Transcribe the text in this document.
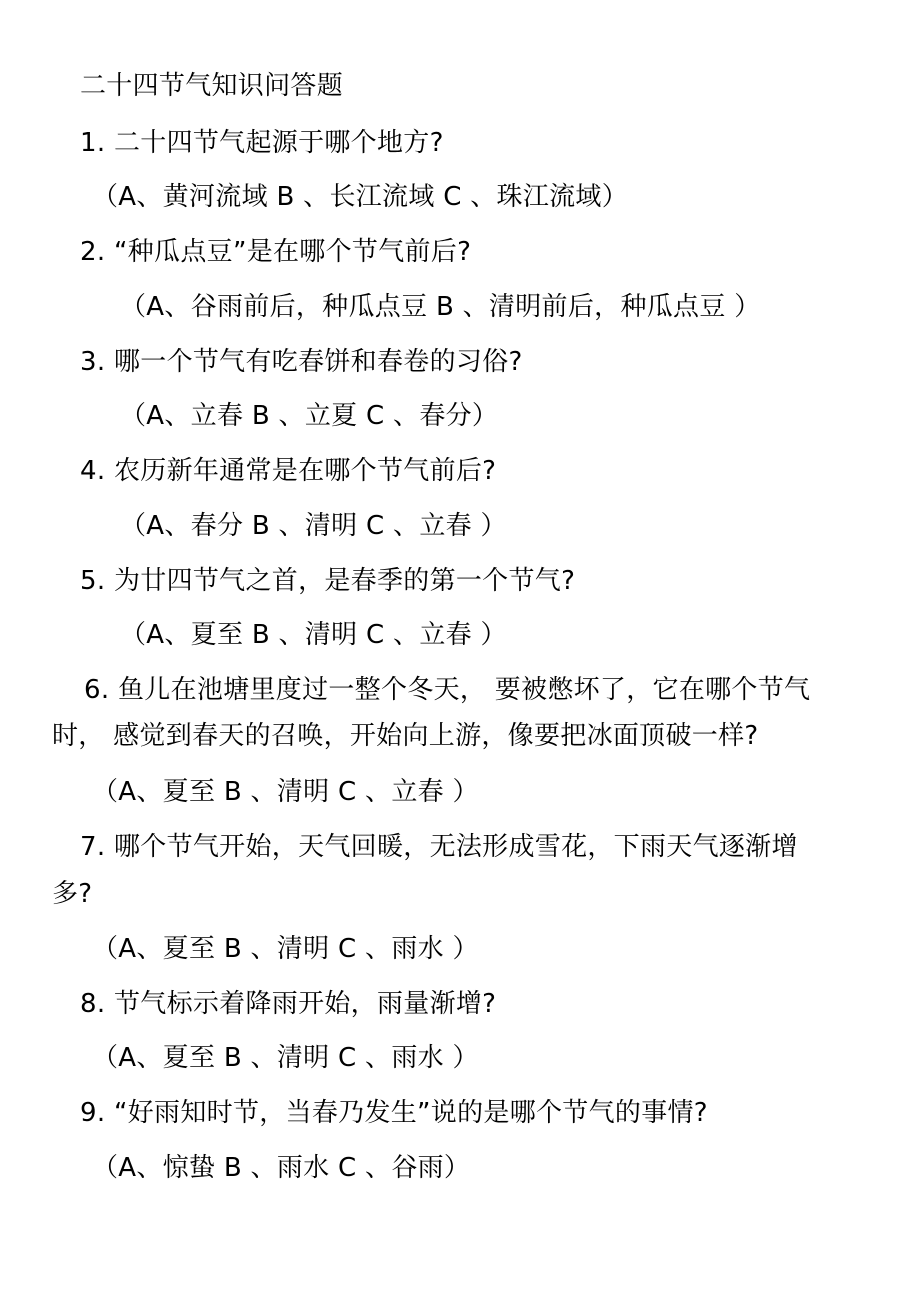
二十四节气知识问答题
1. 二十四节气起源于哪个地方?
（A、黄河流域 B 、长江流域 C 、珠江流域）
2. “种瓜点豆”是在哪个节气前后?
（A、谷雨前后，种瓜点豆 B 、清明前后，种瓜点豆 ）
3. 哪一个节气有吃春饼和春卷的习俗?
（A、立春 B 、立夏 C 、春分）
4. 农历新年通常是在哪个节气前后?
（A、春分 B 、清明 C 、立春 ）
5. 为廿四节气之首，是春季的第一个节气?
（A、夏至 B 、清明 C 、立春 ）
6. 鱼儿在池塘里度过一整个冬天， 要被憋坏了，它在哪个节气
时， 感觉到春天的召唤，开始向上游，像要把冰面顶破一样?
（A、夏至 B 、清明 C 、立春 ）
7. 哪个节气开始，天气回暖，无法形成雪花，下雨天气逐渐增
多?
（A、夏至 B 、清明 C 、雨水 ）
8. 节气标示着降雨开始，雨量渐增?
（A、夏至 B 、清明 C 、雨水 ）
9. “好雨知时节，当春乃发生”说的是哪个节气的事情?
（A、惊蛰 B 、雨水 C 、谷雨）
